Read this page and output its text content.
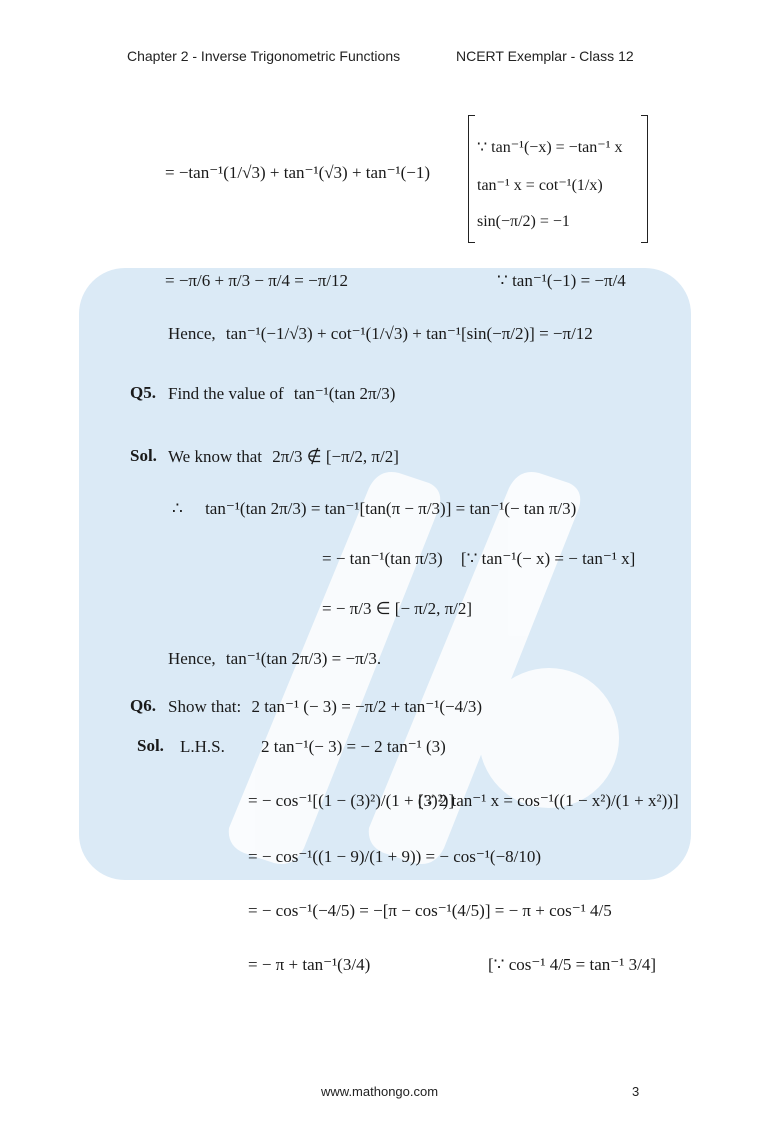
Chapter 2 - Inverse Trigonometric Functions	NCERT Exemplar - Class 12
= −tan⁻¹(1/√3) + tan⁻¹(√3) + tan⁻¹(−1)
∵ tan⁻¹(−x) = −tan⁻¹ x
tan⁻¹ x = cot⁻¹(1/x)
sin(−π/2) = −1
= −π/6 + π/3 − π/4 = −π/12	∵ tan⁻¹(−1) = −π/4
Hence, tan⁻¹(−1/√3) + cot⁻¹(1/√3) + tan⁻¹[sin(−π/2)] = −π/12
Q5. Find the value of tan⁻¹(tan 2π/3)
Sol. We know that 2π/3 ∉ [−π/2, π/2]
∴ tan⁻¹(tan 2π/3) = tan⁻¹[tan(π − π/3)] = tan⁻¹(− tan π/3)
= − tan⁻¹(tan π/3) [∵ tan⁻¹(− x) = − tan⁻¹ x]
= − π/3 ∈ [− π/2, π/2]
Hence, tan⁻¹(tan 2π/3) = −π/3.
Q6. Show that: 2 tan⁻¹ (− 3) = −π/2 + tan⁻¹(−4/3)
Sol. L.H.S. 2 tan⁻¹(− 3) = − 2 tan⁻¹ (3)
= − cos⁻¹[(1 − (3)²)/(1 + (3)²)]
[∵ 2 tan⁻¹ x = cos⁻¹((1 − x²)/(1 + x²))]
= − cos⁻¹((1 − 9)/(1 + 9)) = − cos⁻¹(−8/10)
= − cos⁻¹(−4/5) = −[π − cos⁻¹(4/5)] = − π + cos⁻¹ 4/5
= − π + tan⁻¹(3/4)	[∵ cos⁻¹ 4/5 = tan⁻¹ 3/4]
www.mathongo.com	3
